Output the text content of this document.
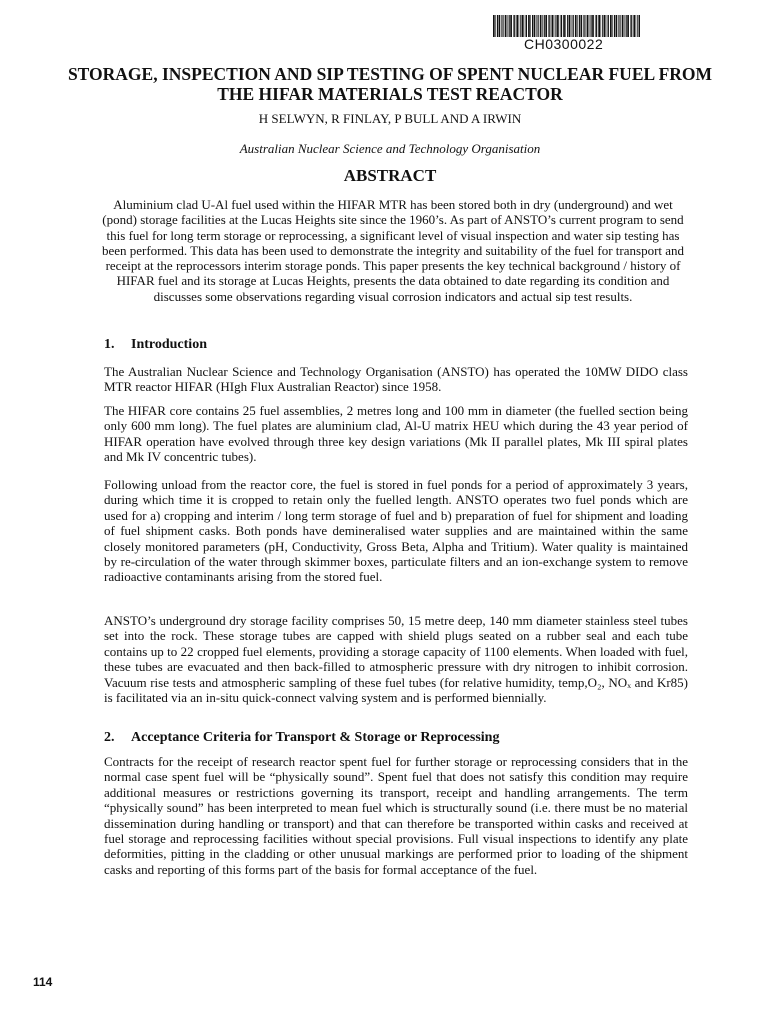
CH0300022
STORAGE, INSPECTION AND SIP TESTING OF SPENT NUCLEAR FUEL FROM THE HIFAR MATERIALS TEST REACTOR

H SELWYN, R FINLAY, P BULL AND A IRWIN

Australian Nuclear Science and Technology Organisation

ABSTRACT

Aluminium clad U-Al fuel used within the HIFAR MTR has been stored both in dry (underground) and wet (pond) storage facilities at the Lucas Heights site since the 1960’s. As part of ANSTO’s current program to send this fuel for long term storage or reprocessing, a significant level of visual inspection and water sip testing has been performed. This data has been used to demonstrate the integrity and suitability of the fuel for transport and receipt at the reprocessors interim storage ponds. This paper presents the key technical background / history of HIFAR fuel and its storage at Lucas Heights, presents the data obtained to date regarding its condition and discusses some observations regarding visual corrosion indicators and actual sip test results.

1. Introduction

The Australian Nuclear Science and Technology Organisation (ANSTO) has operated the 10MW DIDO class MTR reactor HIFAR (HIgh Flux Australian Reactor) since 1958.

The HIFAR core contains 25 fuel assemblies, 2 metres long and 100 mm in diameter (the fuelled section being only 600 mm long). The fuel plates are aluminium clad, Al-U matrix HEU which during the 43 year period of HIFAR operation have evolved through three key design variations (Mk II parallel plates, Mk III spiral plates and Mk IV concentric tubes).

Following unload from the reactor core, the fuel is stored in fuel ponds for a period of approximately 3 years, during which time it is cropped to retain only the fuelled length. ANSTO operates two fuel ponds which are used for a) cropping and interim / long term storage of fuel and b) preparation of fuel for shipment and loading of fuel shipment casks. Both ponds have demineralised water supplies and are maintained within the same closely monitored parameters (pH, Conductivity, Gross Beta, Alpha and Tritium). Water quality is maintained by re-circulation of the water through skimmer boxes, particulate filters and an ion-exchange system to remove radioactive contaminants arising from the stored fuel.

ANSTO’s underground dry storage facility comprises 50, 15 metre deep, 140 mm diameter stainless steel tubes set into the rock. These storage tubes are capped with shield plugs seated on a rubber seal and each tube contains up to 22 cropped fuel elements, providing a storage capacity of 1100 elements. When loaded with fuel, these tubes are evacuated and then back-filled to atmospheric pressure with dry nitrogen to inhibit corrosion. Vacuum rise tests and atmospheric sampling of these fuel tubes (for relative humidity, temp,O₂, NOₓ and Kr85) is facilitated via an in-situ quick-connect valving system and is performed biennially.

2. Acceptance Criteria for Transport & Storage or Reprocessing

Contracts for the receipt of research reactor spent fuel for further storage or reprocessing considers that in the normal case spent fuel will be “physically sound”. Spent fuel that does not satisfy this condition may require additional measures or restrictions governing its transport, receipt and handling arrangements. The term “physically sound” has been interpreted to mean fuel which is structurally sound (i.e. there must be no material dissemination during handling or transport) and that can therefore be transported within casks and received at fuel storage and reprocessing facilities without special provisions. Full visual inspections to identify any plate deformities, pitting in the cladding or other unusual markings are performed prior to loading of the shipment casks and reporting of this forms part of the basis for formal acceptance of the fuel.

114
